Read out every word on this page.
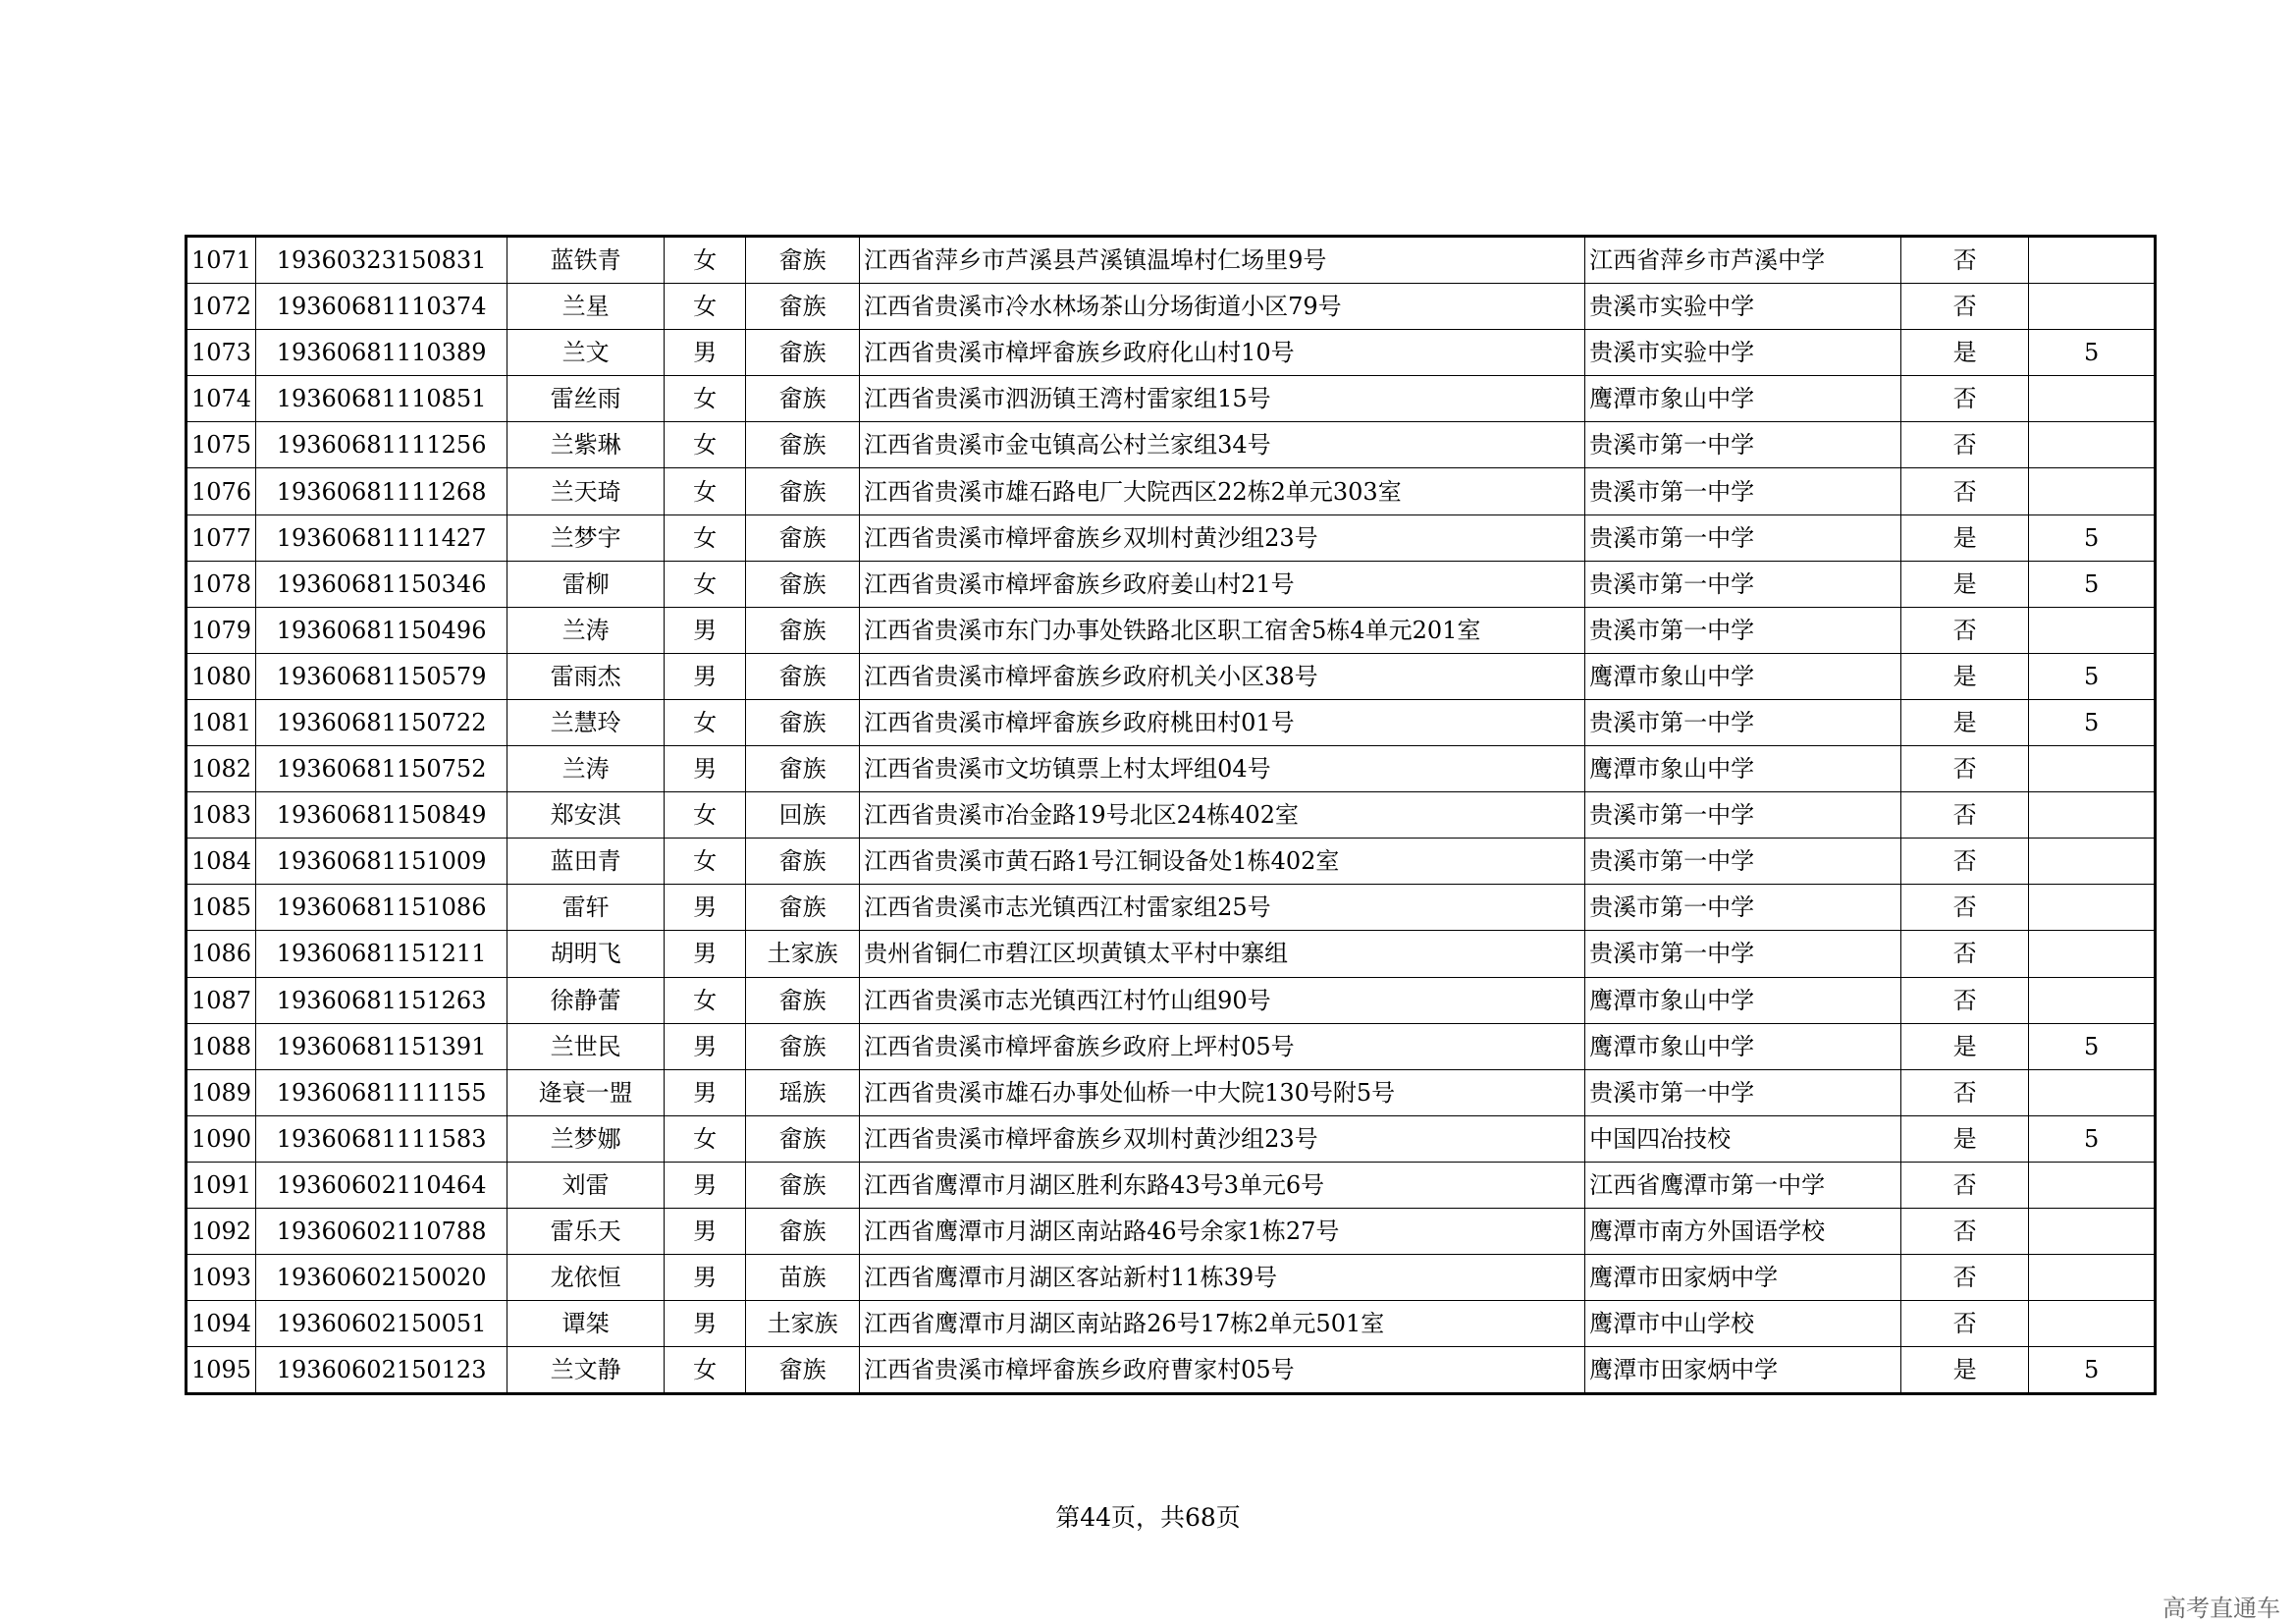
1071	19360323150831	蓝铁青	女	畲族	江西省萍乡市芦溪县芦溪镇温埠村仁场里9号	江西省萍乡市芦溪中学	否	
1072	19360681110374	兰星	女	畲族	江西省贵溪市冷水林场茶山分场街道小区79号	贵溪市实验中学	否	
1073	19360681110389	兰文	男	畲族	江西省贵溪市樟坪畲族乡政府化山村10号	贵溪市实验中学	是	5
1074	19360681110851	雷丝雨	女	畲族	江西省贵溪市泗沥镇王湾村雷家组15号	鹰潭市象山中学	否	
1075	19360681111256	兰紫琳	女	畲族	江西省贵溪市金屯镇高公村兰家组34号	贵溪市第一中学	否	
1076	19360681111268	兰天琦	女	畲族	江西省贵溪市雄石路电厂大院西区22栋2单元303室	贵溪市第一中学	否	
1077	19360681111427	兰梦宇	女	畲族	江西省贵溪市樟坪畲族乡双圳村黄沙组23号	贵溪市第一中学	是	5
1078	19360681150346	雷柳	女	畲族	江西省贵溪市樟坪畲族乡政府姜山村21号	贵溪市第一中学	是	5
1079	19360681150496	兰涛	男	畲族	江西省贵溪市东门办事处铁路北区职工宿舍5栋4单元201室	贵溪市第一中学	否	
1080	19360681150579	雷雨杰	男	畲族	江西省贵溪市樟坪畲族乡政府机关小区38号	鹰潭市象山中学	是	5
1081	19360681150722	兰慧玲	女	畲族	江西省贵溪市樟坪畲族乡政府桃田村01号	贵溪市第一中学	是	5
1082	19360681150752	兰涛	男	畲族	江西省贵溪市文坊镇票上村太坪组04号	鹰潭市象山中学	否	
1083	19360681150849	郑安淇	女	回族	江西省贵溪市冶金路19号北区24栋402室	贵溪市第一中学	否	
1084	19360681151009	蓝田青	女	畲族	江西省贵溪市黄石路1号江铜设备处1栋402室	贵溪市第一中学	否	
1085	19360681151086	雷轩	男	畲族	江西省贵溪市志光镇西江村雷家组25号	贵溪市第一中学	否	
1086	19360681151211	胡明飞	男	土家族	贵州省铜仁市碧江区坝黄镇太平村中寨组	贵溪市第一中学	否	
1087	19360681151263	徐静蕾	女	畲族	江西省贵溪市志光镇西江村竹山组90号	鹰潭市象山中学	否	
1088	19360681151391	兰世民	男	畲族	江西省贵溪市樟坪畲族乡政府上坪村05号	鹰潭市象山中学	是	5
1089	19360681111155	逄衰一盟	男	瑶族	江西省贵溪市雄石办事处仙桥一中大院130号附5号	贵溪市第一中学	否	
1090	19360681111583	兰梦娜	女	畲族	江西省贵溪市樟坪畲族乡双圳村黄沙组23号	中国四冶技校	是	5
1091	19360602110464	刘雷	男	畲族	江西省鹰潭市月湖区胜利东路43号3单元6号	江西省鹰潭市第一中学	否	
1092	19360602110788	雷乐天	男	畲族	江西省鹰潭市月湖区南站路46号余家1栋27号	鹰潭市南方外国语学校	否	
1093	19360602150020	龙依恒	男	苗族	江西省鹰潭市月湖区客站新村11栋39号	鹰潭市田家炳中学	否	
1094	19360602150051	谭桀	男	土家族	江西省鹰潭市月湖区南站路26号17栋2单元501室	鹰潭市中山学校	否	
1095	19360602150123	兰文静	女	畲族	江西省贵溪市樟坪畲族乡政府曹家村05号	鹰潭市田家炳中学	是	5
第44页，共68页
高考直通车
